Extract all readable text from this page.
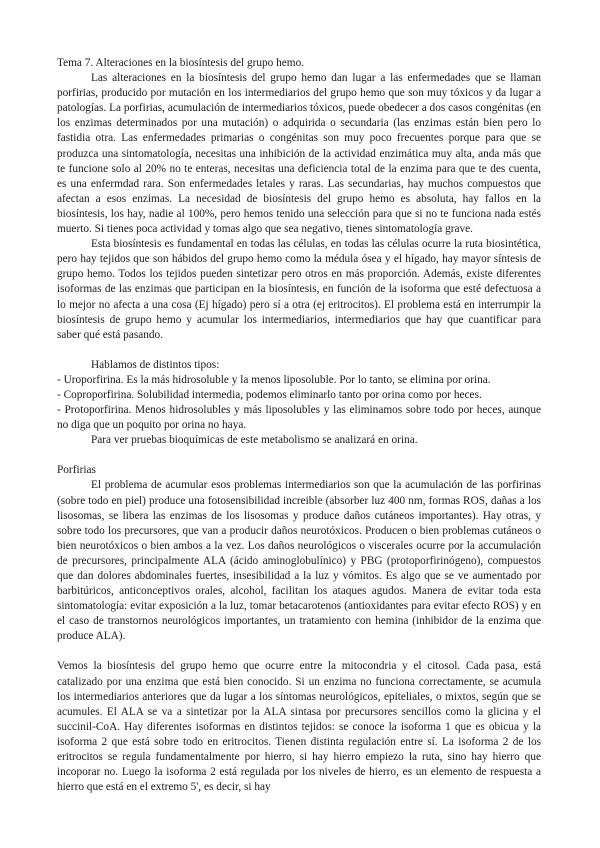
Tema 7. Alteraciones en la biosíntesis del grupo hemo.

Las alteraciones en la biosíntesis del grupo hemo dan lugar a las enfermedades que se llaman porfirias, producido por mutación en los intermediarios del grupo hemo que son muy tóxicos y da lugar a patologías. La porfirias, acumulación de intermediarios tóxicos, puede obedecer a dos casos congénitas (en los enzimas determinados por una mutación) o adquirida o secundaria (las enzimas están bien pero lo fastidia otra. Las enfermedades primarias o congénitas son muy poco frecuentes porque para que se produzca una sintomatología, necesitas una inhibición de la actividad enzimática muy alta, anda más que te funcione solo al 20% no te enteras, necesitas una deficiencia total de la enzima para que te des cuenta, es una enfermdad rara. Son enfermedades letales y raras. Las secundarias, hay muchos compuestos que afectan a esos enzimas. La necesidad de biosíntesis del grupo hemo es absoluta, hay fallos en la biosíntesis, los hay, nadie al 100%, pero hemos tenido una selección para que si no te funciona nada estés muerto. Si tienes poca actividad y tomas algo que sea negativo, tienes sintomatología grave.

Esta biosíntesis es fundamental en todas las células, en todas las células ocurre la ruta biosintética, pero hay tejidos que son hábidos del grupo hemo como la médula ósea y el hígado, hay mayor síntesis de grupo hemo. Todos los tejidos pueden sintetizar pero otros en más proporción. Además, existe diferentes isoformas de las enzimas que participan en la biosíntesis, en función de la isoforma que esté defectuosa a lo mejor no afecta a una cosa (Ej hígado) pero sí a otra (ej eritrocitos). El problema está en interrumpir la biosíntesis de grupo hemo y acumular los intermediarios, intermediarios que hay que cuantificar para saber qué está pasando.

Hablamos de distintos tipos:

- Uroporfirina. Es la más hidrosoluble y la menos liposoluble. Por lo tanto, se elimina por orina.

- Coproporfirina. Solubilidad intermedia, podemos eliminarlo tanto por orina como por heces.

- Protoporfirina. Menos hidrosolubles y más liposolubles y las eliminamos sobre todo por heces, aunque no diga que un poquito por orina no haya.

Para ver pruebas bioquímicas de este metabolismo se analizará en orina.

Porfirias

El problema de acumular esos problemas intermediarios son que la acumulación de las porfirinas (sobre todo en piel) produce una fotosensibilidad increible (absorber luz 400 nm, formas ROS, dañas a los lisosomas, se libera las enzimas de los lisosomas y produce daños cutáneos importantes). Hay otras, y sobre todo los precursores, que van a producir daños neurotóxicos. Producen o bien problemas cutáneos o bien neurotóxicos o bien ambos a la vez. Los daños neurológicos o viscerales ocurre por la accumulación de precursores, principalmente ALA (ácido aminoglobulínico) y PBG (protoporfirinógeno), compuestos que dan dolores abdominales fuertes, insesibilidad a la luz y vómitos. Es algo que se ve aumentado por barbitúricos, anticonceptivos orales, alcohol, facilitan los ataques agudos. Manera de evitar toda esta sintomatología: evitar exposición a la luz, tomar betacarotenos (antioxidantes para evitar efecto ROS) y en el caso de transtornos neurológicos importantes, un tratamiento con hemina (inhibidor de la enzima que produce ALA).

Vemos la biosíntesis del grupo hemo que ocurre entre la mitocondria y el citosol. Cada pasa, está catalizado por una enzima que está bien conocido. Si un enzima no funciona correctamente, se acumula los intermediarios anteriores que da lugar a los síntomas neurológicos, epiteliales, o mixtos, según que se acumules. El ALA se va a sintetizar por la ALA sintasa por precursores sencillos como la glicina y el succinil-CoA. Hay diferentes isoformas en distintos tejidos: se conoce la isoforma 1 que es obicua y la isoforma 2 que está sobre todo en eritrocitos. Tienen distinta regulación entre sí. La isoforma 2 de los eritrocitos se regula fundamentalmente por hierro, si hay hierro empiezo la ruta, sino hay hierro que incoporar no. Luego la isoforma 2 está regulada por los niveles de hierro, es un elemento de respuesta a hierro que está en el extremo 5', es decir, si hay
